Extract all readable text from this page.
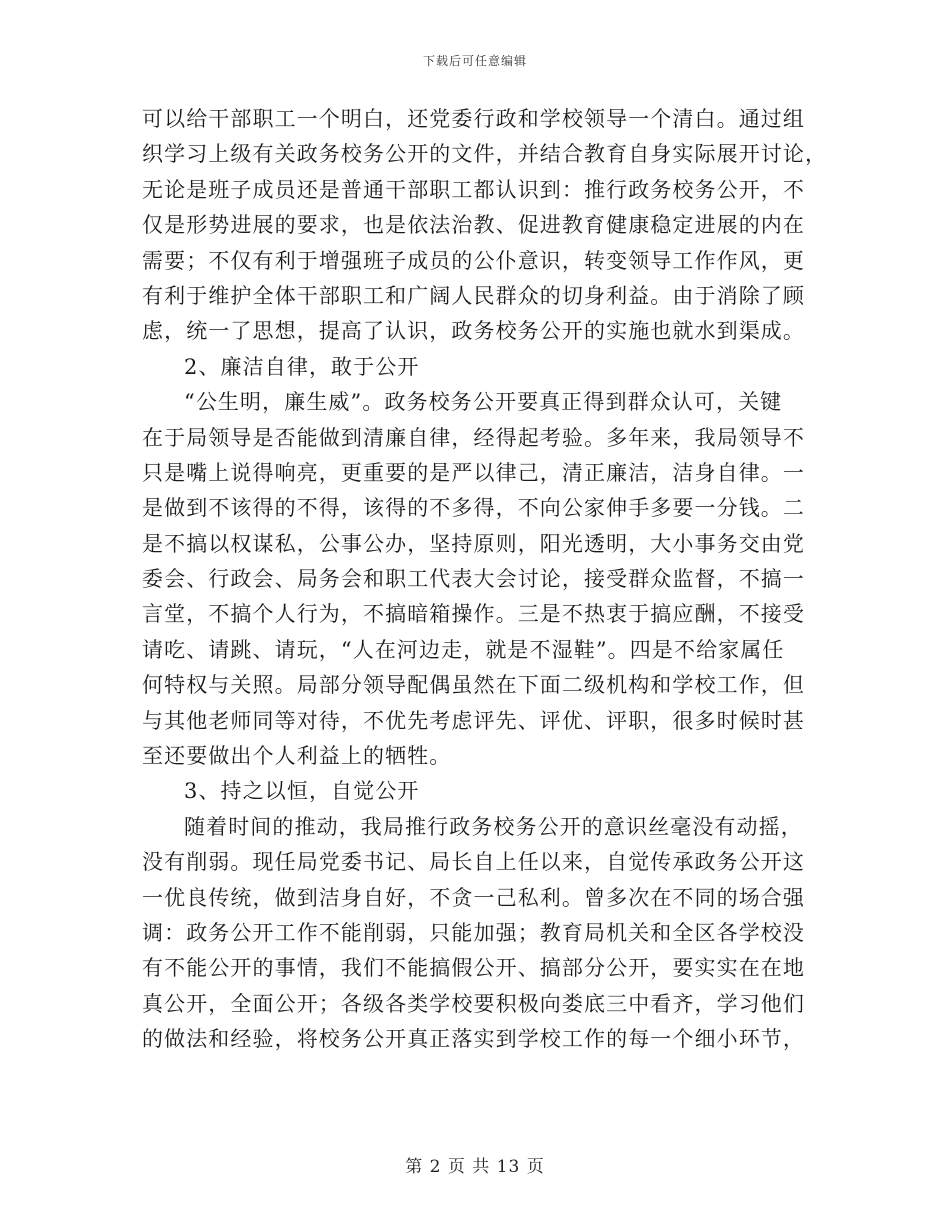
下载后可任意编辑
可以给干部职工一个明白，还党委行政和学校领导一个清白。通过组
织学习上级有关政务校务公开的文件，并结合教育自身实际展开讨论，
无论是班子成员还是普通干部职工都认识到：推行政务校务公开，不
仅是形势进展的要求，也是依法治教、促进教育健康稳定进展的内在
需要；不仅有利于增强班子成员的公仆意识，转变领导工作作风，更
有利于维护全体干部职工和广阔人民群众的切身利益。由于消除了顾
虑，统一了思想，提高了认识，政务校务公开的实施也就水到渠成。
2、廉洁自律，敢于公开
“公生明，廉生威”。政务校务公开要真正得到群众认可，关键
在于局领导是否能做到清廉自律，经得起考验。多年来，我局领导不
只是嘴上说得响亮，更重要的是严以律己，清正廉洁，洁身自律。一
是做到不该得的不得，该得的不多得，不向公家伸手多要一分钱。二
是不搞以权谋私，公事公办，坚持原则，阳光透明，大小事务交由党
委会、行政会、局务会和职工代表大会讨论，接受群众监督，不搞一
言堂，不搞个人行为，不搞暗箱操作。三是不热衷于搞应酬，不接受
请吃、请跳、请玩，“人在河边走，就是不湿鞋”。四是不给家属任
何特权与关照。局部分领导配偶虽然在下面二级机构和学校工作，但
与其他老师同等对待，不优先考虑评先、评优、评职，很多时候时甚
至还要做出个人利益上的牺牲。
3、持之以恒，自觉公开
随着时间的推动，我局推行政务校务公开的意识丝毫没有动摇，
没有削弱。现任局党委书记、局长自上任以来，自觉传承政务公开这
一优良传统，做到洁身自好，不贪一己私利。曾多次在不同的场合强
调：政务公开工作不能削弱，只能加强；教育局机关和全区各学校没
有不能公开的事情，我们不能搞假公开、搞部分公开，要实实在在地
真公开，全面公开；各级各类学校要积极向娄底三中看齐，学习他们
的做法和经验，将校务公开真正落实到学校工作的每一个细小环节，
第 2 页 共 13 页
